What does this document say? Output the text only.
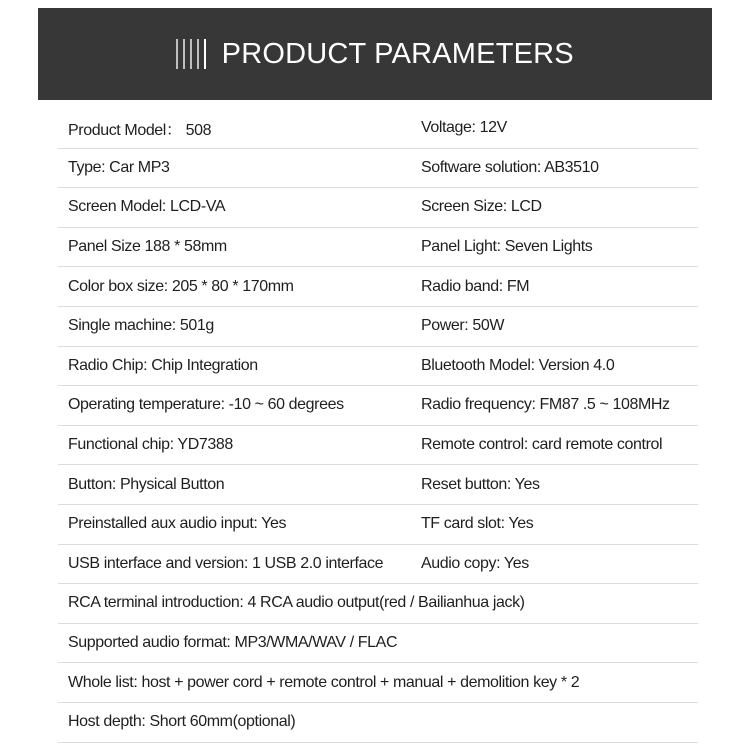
PRODUCT PARAMETERS
Product Model： 508	Voltage: 12V
Type: Car MP3	Software solution: AB3510
Screen Model: LCD-VA	Screen Size: LCD
Panel Size 188 * 58mm	Panel Light: Seven Lights
Color box size: 205 * 80 * 170mm	Radio band: FM
Single machine: 501g	Power: 50W
Radio Chip: Chip Integration	Bluetooth Model: Version 4.0
Operating temperature: -10 ~ 60 degrees	Radio frequency: FM87 .5 ~ 108MHz
Functional chip: YD7388	Remote control: card remote control
Button: Physical Button	Reset button: Yes
Preinstalled aux audio input: Yes	TF card slot: Yes
USB interface and version: 1 USB 2.0 interface	Audio copy: Yes
RCA terminal introduction: 4 RCA audio output(red / Bailianhua jack)
Supported audio format: MP3/WMA/WAV / FLAC
Whole list: host + power cord + remote control + manual + demolition key * 2
Host depth: Short 60mm(optional)
